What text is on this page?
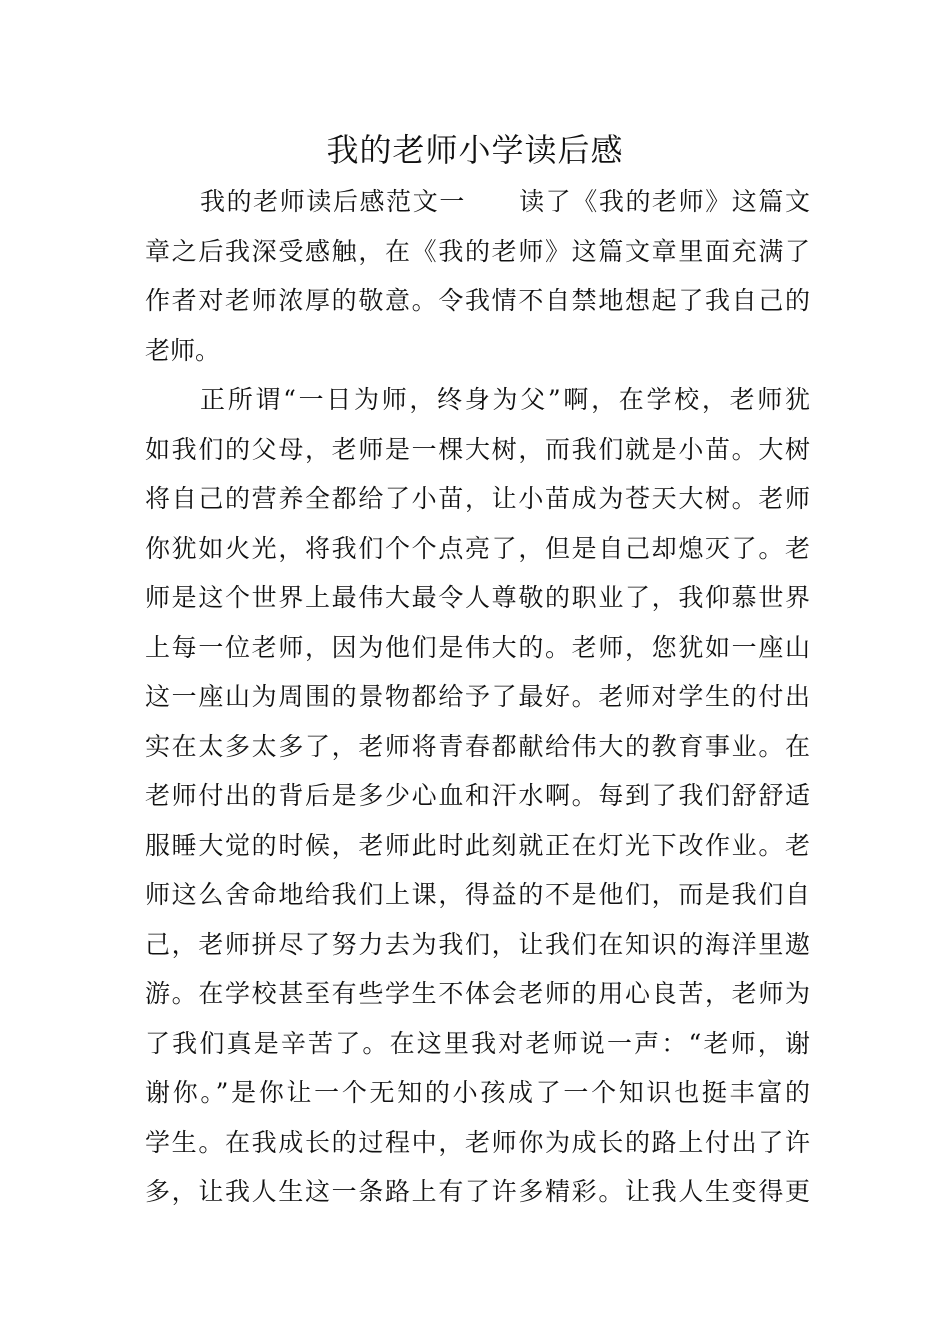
我的老师小学读后感
我的老师读后感范文一　　读了《我的老师》这篇文
章之后我深受感触，在《我的老师》这篇文章里面充满了
作者对老师浓厚的敬意。令我情不自禁地想起了我自己的
老师。
正所谓“一日为师，终身为父”啊，在学校，老师犹
如我们的父母，老师是一棵大树，而我们就是小苗。大树
将自己的营养全都给了小苗，让小苗成为苍天大树。老师
你犹如火光，将我们个个点亮了，但是自己却熄灭了。老
师是这个世界上最伟大最令人尊敬的职业了，我仰慕世界
上每一位老师，因为他们是伟大的。老师，您犹如一座山
这一座山为周围的景物都给予了最好。老师对学生的付出
实在太多太多了，老师将青春都献给伟大的教育事业。在
老师付出的背后是多少心血和汗水啊。每到了我们舒舒适
服睡大觉的时候，老师此时此刻就正在灯光下改作业。老
师这么舍命地给我们上课，得益的不是他们，而是我们自
己，老师拼尽了努力去为我们，让我们在知识的海洋里遨
游。在学校甚至有些学生不体会老师的用心良苦，老师为
了我们真是辛苦了。在这里我对老师说一声：“老师，谢
谢你。”是你让一个无知的小孩成了一个知识也挺丰富的
学生。在我成长的过程中，老师你为成长的路上付出了许
多，让我人生这一条路上有了许多精彩。让我人生变得更
